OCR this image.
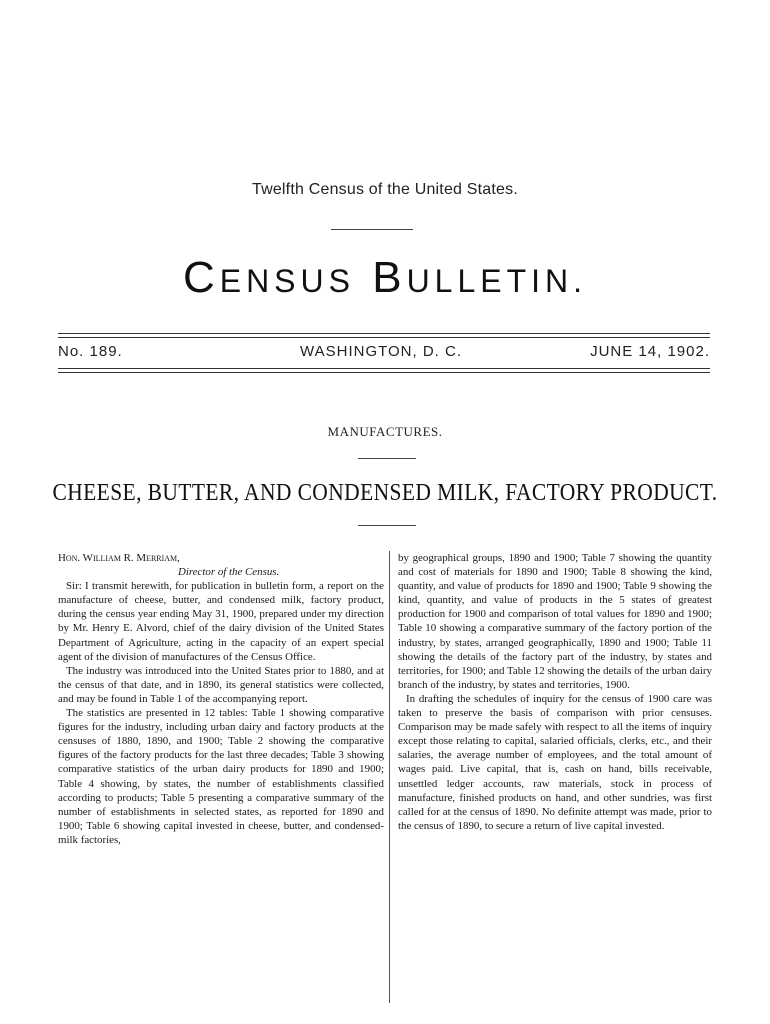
Twelfth Census of the United States.
CENSUS BULLETIN.
No. 189.	WASHINGTON, D. C.	JUNE 14, 1902.
MANUFACTURES.
CHEESE, BUTTER, AND CONDENSED MILK, FACTORY PRODUCT.

Hon. William R. Merriam,

Director of the Census.

Sir: I transmit herewith, for publication in bulletin form, a report on the manufacture of cheese, butter, and condensed milk, factory product, during the census year ending May 31, 1900, prepared under my direction by Mr. Henry E. Alvord, chief of the dairy division of the United States Department of Agriculture, acting in the capacity of an expert special agent of the division of manufactures of the Census Office.

The industry was introduced into the United States prior to 1880, and at the census of that date, and in 1890, its general statistics were collected, and may be found in Table 1 of the accompanying report.

The statistics are presented in 12 tables: Table 1 showing comparative figures for the industry, including urban dairy and factory products at the censuses of 1880, 1890, and 1900; Table 2 showing the comparative figures of the factory products for the last three decades; Table 3 showing comparative statistics of the urban dairy products for 1890 and 1900; Table 4 showing, by states, the number of establishments classified according to products; Table 5 presenting a comparative summary of the number of establishments in selected states, as reported for 1890 and 1900; Table 6 showing capital invested in cheese, butter, and condensed-milk factories,

by geographical groups, 1890 and 1900; Table 7 showing the quantity and cost of materials for 1890 and 1900; Table 8 showing the kind, quantity, and value of products for 1890 and 1900; Table 9 showing the kind, quantity, and value of products in the 5 states of greatest production for 1900 and comparison of total values for 1890 and 1900; Table 10 showing a comparative summary of the factory portion of the industry, by states, arranged geographically, 1890 and 1900; Table 11 showing the details of the factory part of the industry, by states and territories, for 1900; and Table 12 showing the details of the urban dairy branch of the industry, by states and territories, 1900.

In drafting the schedules of inquiry for the census of 1900 care was taken to preserve the basis of comparison with prior censuses. Comparison may be made safely with respect to all the items of inquiry except those relating to capital, salaried officials, clerks, etc., and their salaries, the average number of employees, and the total amount of wages paid. Live capital, that is, cash on hand, bills receivable, unsettled ledger accounts, raw materials, stock in process of manufacture, finished products on hand, and other sundries, was first called for at the census of 1890. No definite attempt was made, prior to the census of 1890, to secure a return of live capital invested.
